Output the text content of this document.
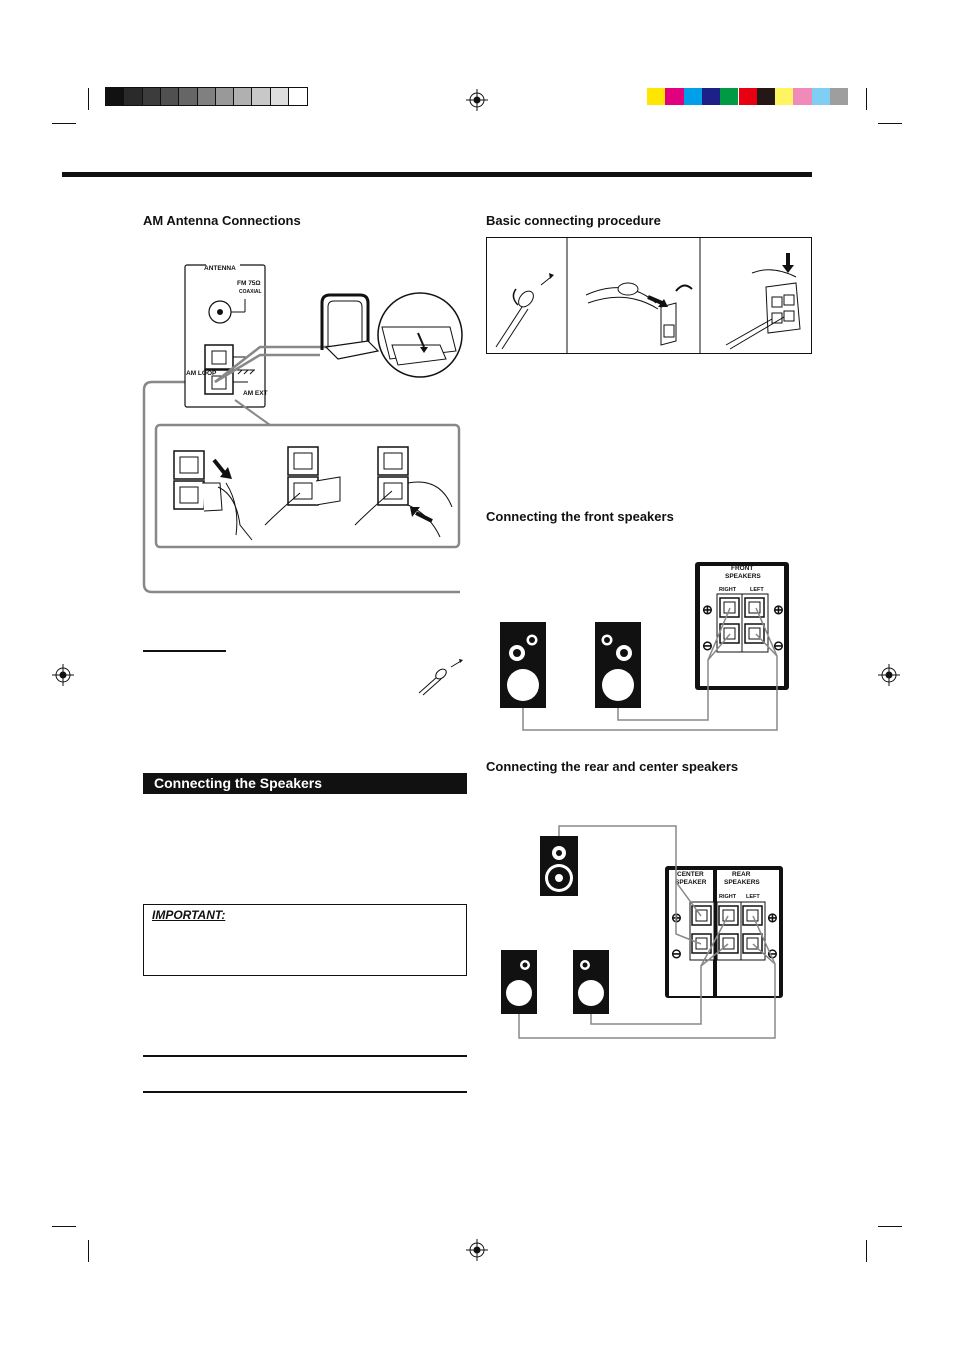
AM Antenna Connections	Basic connecting procedure
Connecting the front speakers
Connecting the rear and center speakers
ANTENNA
FM 75Ω
COAXIAL
AM LOOP
AM EXT
⊕	⊕
⊖	⊖
FRONT
SPEAKERS
RIGHT	LEFT
Connecting the Speakers
IMPORTANT:	⊕	⊕
⊖	⊖
CENTER
SPEAKER
REAR
SPEAKERS
RIGHT LEFT
